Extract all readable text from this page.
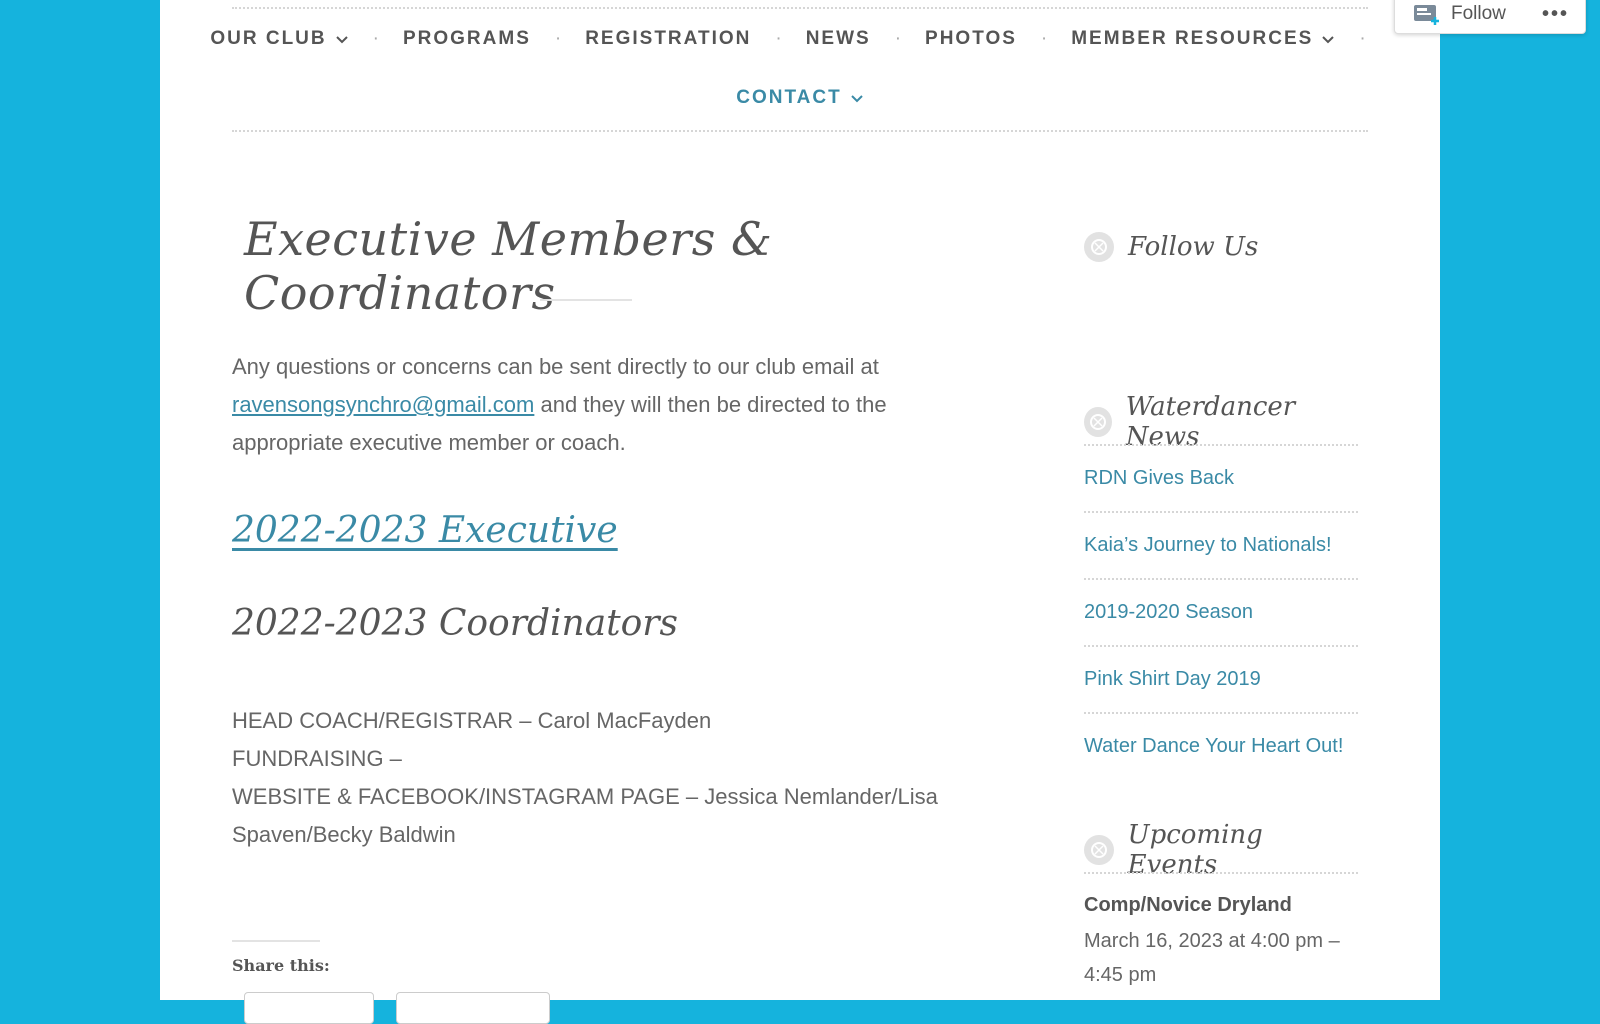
OUR CLUB · PROGRAMS · REGISTRATION · NEWS · PHOTOS · MEMBER RESOURCES ·
CONTACT
Executive Members & Coordinators

Any questions or concerns can be sent directly to our club email at ravensongsynchro@gmail.com and they will then be directed to the appropriate executive member or coach.

2022-2023 Executive
2022-2023 Coordinators
HEAD COACH/REGISTRAR – Carol MacFayden
FUNDRAISING –
WEBSITE & FACEBOOK/INSTAGRAM PAGE – Jessica Nemlander/Lisa Spaven/Becky Baldwin
Share this:
Follow Us
Waterdancer News
RDN Gives Back
Kaia’s Journey to Nationals!
2019-2020 Season
Pink Shirt Day 2019
Water Dance Your Heart Out!
Upcoming Events
Comp/Novice Dryland
March 16, 2023 at 4:00 pm – 4:45 pm
Follow •••
